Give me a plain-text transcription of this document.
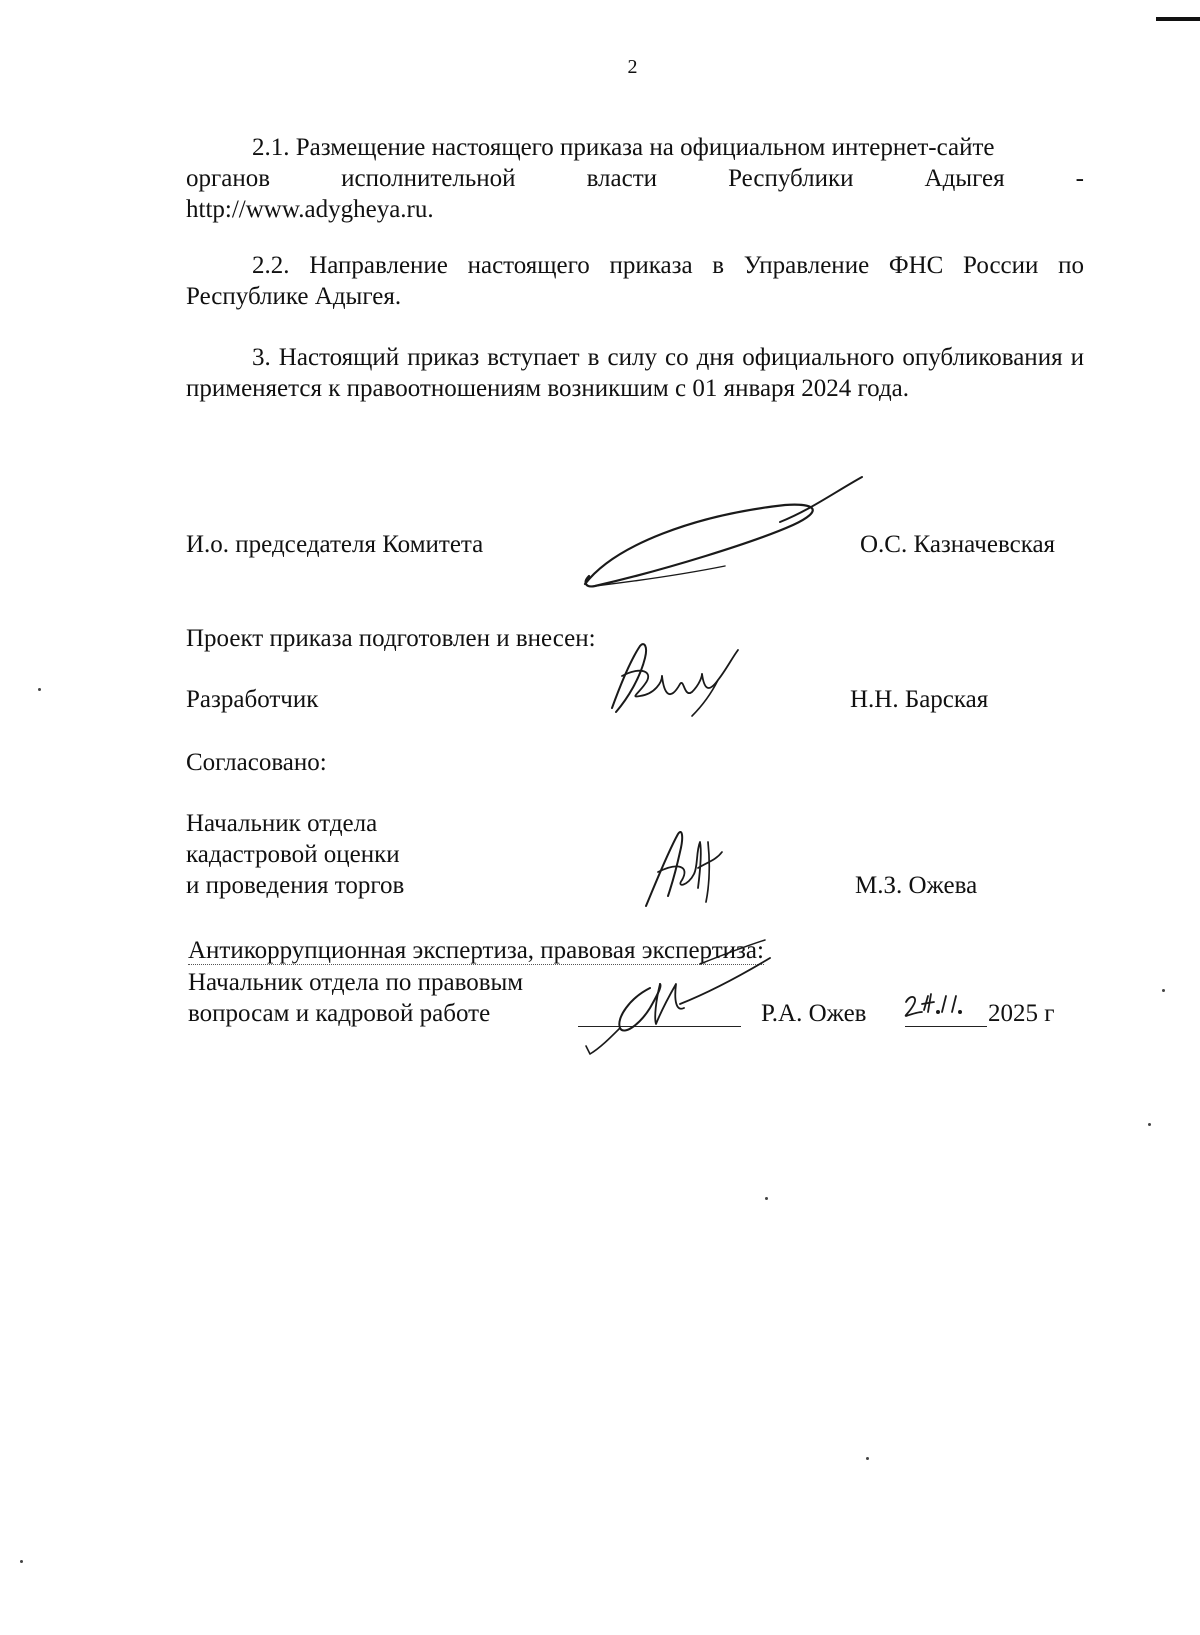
2
2.1. Размещение настоящего приказа на официальном интернет-сайте
органов	исполнительной	власти	Республики	Адыгея	-
http://www.adygheya.ru.

2.2. Направление настоящего приказа в Управление ФНС России по Республике Адыгея.

3. Настоящий приказ вступает в силу со дня официального опубликования и применяется к правоотношениям возникшим с 01 января 2024 года.

И.о. председателя Комитета	О.С. Казначевская
Проект приказа подготовлен и внесен:
Разработчик	Н.Н. Барская
Согласовано:
Начальник отдела
кадастровой оценки
и проведения торгов	М.З. Ожева
Антикоррупционная экспертиза, правовая экспертиза:
Начальник отдела по правовым
вопросам и кадровой работе	Р.А. Ожев	2025 г
